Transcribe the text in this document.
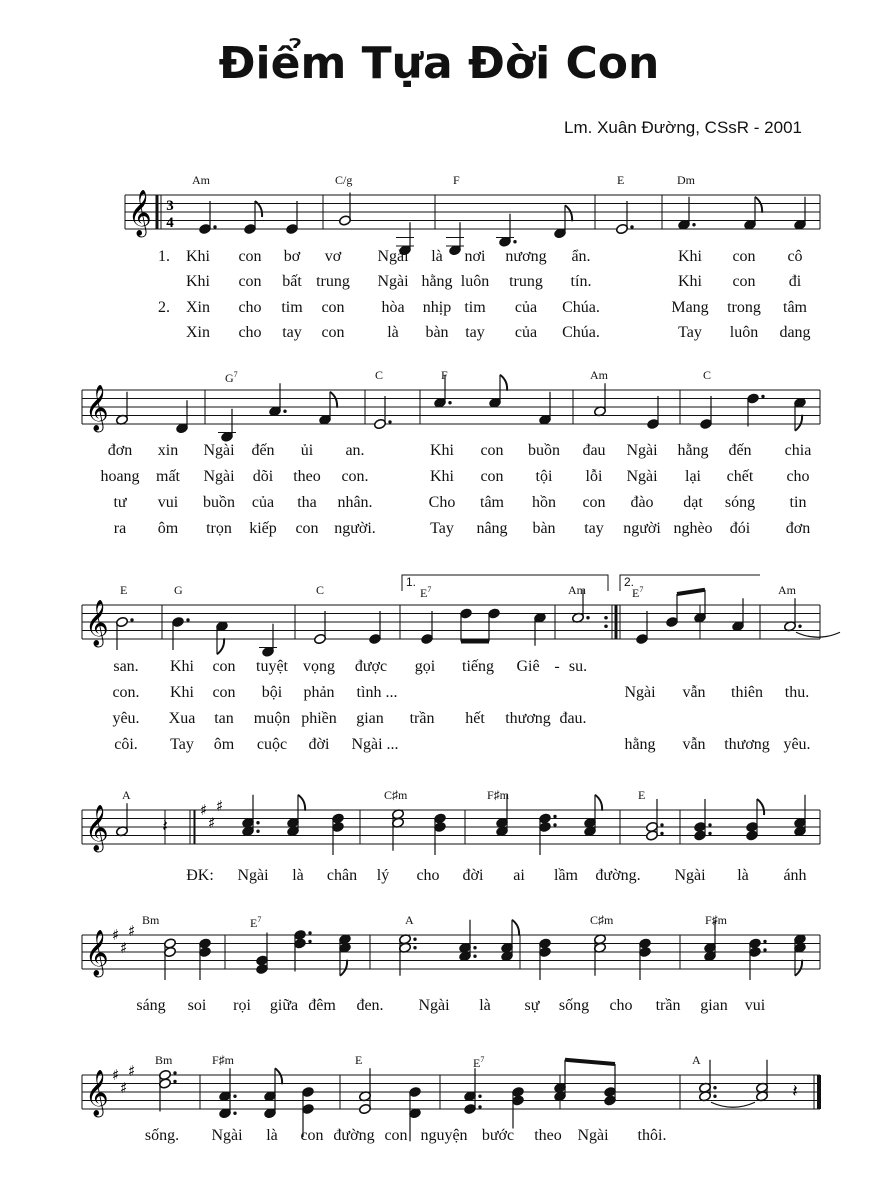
Điểm Tựa Đời Con
Lm. Xuân Đường, CSsR - 2001
𝄞 3
4
𝄞
𝄞
𝄞	♯
♯
♯
𝄽
𝄞 ♯
♯
♯
𝄞 ♯
♯
♯
𝄽
Am	C/g	F	E	Dm
1.
2.
Khi con bơ vơ Ngài là nơi nương ẩn.	Khi con cô
Khi con bất trung Ngài hằng luôn trung tín.	Khi con đi
Xin cho tim con hòa nhịp tim của Chúa.	Mang trong tâm
Xin cho tay con	là bàn tay của Chúa.	Tay luôn dang
$G^7$	C	F	Am	C
đơn xin Ngài đến ủi an.	Khi con buồn đau Ngài hằng đến chia
hoang mất Ngài dõi theo con.	Khi con tội lỗi Ngài lại chết cho
tư vui buồn của tha nhân.	Cho tâm hồn con đào dạt sóng tin
ra ôm trọn kiếp con người.	Tay nâng bàn tay người nghèo đói đơn
E	G	C	$E^7$	Am	$E^7$	Am
1.	2.
san. Khi con tuyệt vọng được gọi tiếng Giê - su.
con. Khi con bội phản tình ...	Ngài vẫn thiên thu.
yêu. Xua tan muộn phiền gian trần hết thương đau.
côi. Tay ôm cuộc đời Ngài ...	hằng vẫn thương yêu.
A	C♯m	F♯m	E
ĐK: Ngài là chân lý cho đời ai lầm đường. Ngài là ánh
Bm	$E^7$	A	C♯m	F♯m
sáng soi rọi giữa đêm đen. Ngài là sự sống cho trần gian vui
Bm	F♯m	E	$E^7$	A
sống. Ngài là con đường con nguyện bước theo Ngài thôi.
